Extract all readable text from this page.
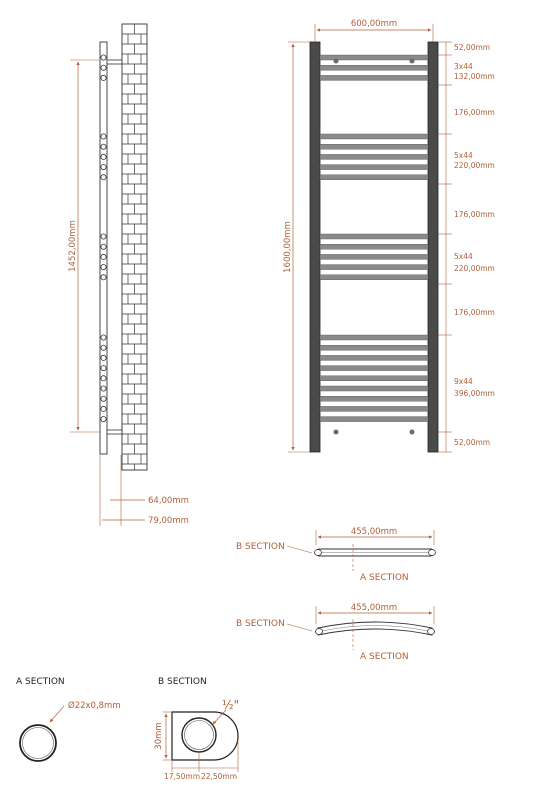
1452,00mm
64,00mm
79,00mm
600,00mm
1600,00mm
52,00mm
3x44
132,00mm
176,00mm
5x44
220,00mm
176,00mm
5x44
220,00mm
176,00mm
9x44
396,00mm
52,00mm
B SECTION
455,00mm
A SECTION
B SECTION
455,00mm
A SECTION
A SECTION
Ø22x0,8mm
B SECTION
½"
30mm
17,50mm 22,50mm
